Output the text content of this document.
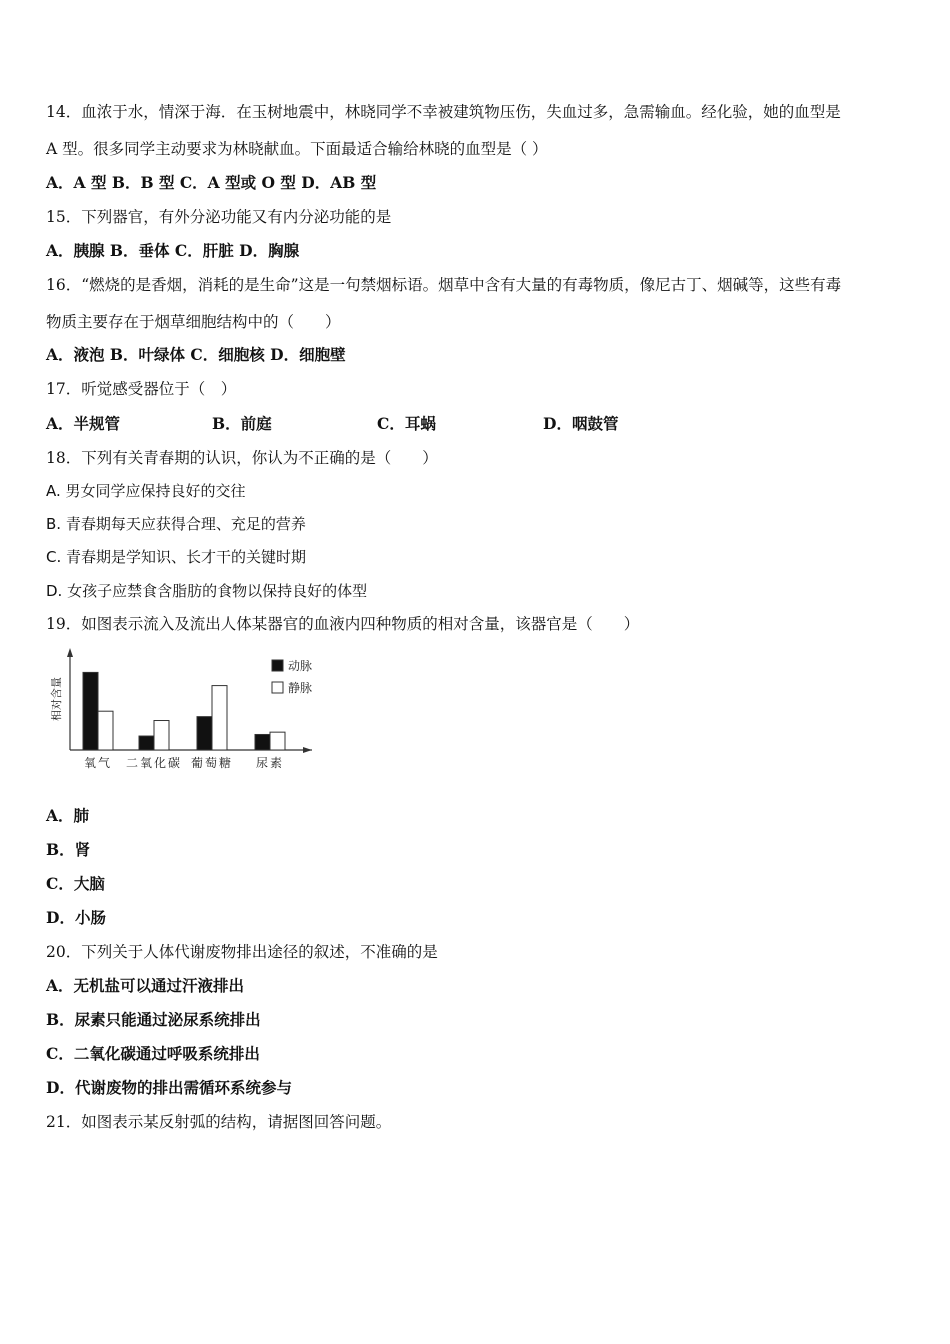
14．血浓于水，情深于海．在玉树地震中，林晓同学不幸被建筑物压伤，失血过多，急需输血。经化验，她的血型是
A 型。很多同学主动要求为林晓献血。下面最适合输给林晓的血型是（ ）
A．A 型 B．B 型 C．A 型或 O 型 D．AB 型
15．下列器官，有外分泌功能又有内分泌功能的是
A．胰腺 B．垂体 C．肝脏 D．胸腺
16．“燃烧的是香烟，消耗的是生命”这是一句禁烟标语。烟草中含有大量的有毒物质，像尼古丁、烟碱等，这些有毒
物质主要存在于烟草细胞结构中的（　　）
A．液泡 B．叶绿体 C．细胞核 D．细胞壁
17．听觉感受器位于（　）
A．半规管	B．前庭	C．耳蜗	D．咽鼓管
18．下列有关青春期的认识，你认为不正确的是（　　）
A. 男女同学应保持良好的交往
B. 青春期每天应获得合理、充足的营养
C. 青春期是学知识、长才干的关键时期
D. 女孩子应禁食含脂肪的食物以保持良好的体型
19．如图表示流入及流出人体某器官的血液内四种物质的相对含量，该器官是（　　）
相对含量
氧气 二氧化碳 葡萄糖 尿素
动脉
静脉
A．肺
B．肾
C．大脑
D．小肠
20．下列关于人体代谢废物排出途径的叙述，不准确的是
A．无机盐可以通过汗液排出
B．尿素只能通过泌尿系统排出
C．二氧化碳通过呼吸系统排出
D．代谢废物的排出需循环系统参与
21．如图表示某反射弧的结构，请据图回答问题。
